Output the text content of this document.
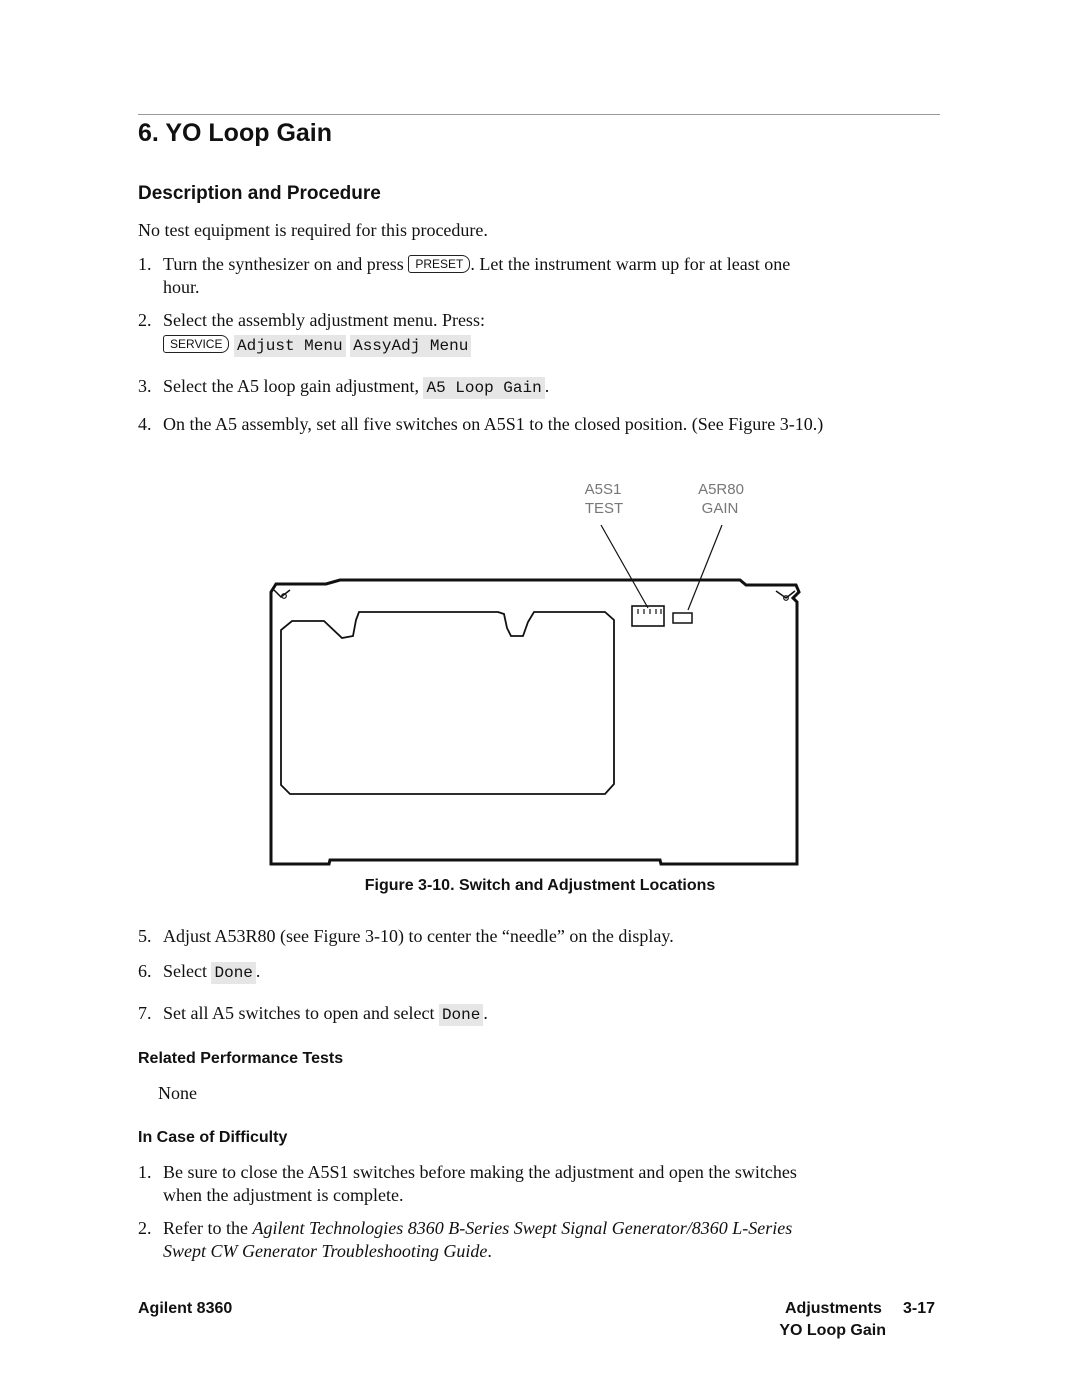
6. YO Loop Gain
Description and Procedure
No test equipment is required for this procedure.
1. Turn the synthesizer on and press PRESET . Let the instrument warm up for at least one
hour.
2. Select the assembly adjustment menu. Press:
SERVICE Adjust Menu AssyAdj Menu
3. Select the A5 loop gain adjustment, A5 Loop Gain .
4. On the A5 assembly, set all five switches on A5S1 to the closed position. (See Figure 3-10.)
A5S1
TEST
A5R80
GAIN
Figure 3-10. Switch and Adjustment Locations
5. Adjust A53R80 (see Figure 3-10) to center the “needle” on the display.
6. Select Done .
7. Set all A5 switches to open and select Done .
Related Performance Tests
None
In Case of Difficulty
1. Be sure to close the A5S1 switches before making the adjustment and open the switches
when the adjustment is complete.
2. Refer to the Agilent Technologies 8360 B-Series Swept Signal Generator/8360 L-Series
Swept CW Generator Troubleshooting Guide.
Agilent 8360	Adjustments 3-17
YO Loop Gain
